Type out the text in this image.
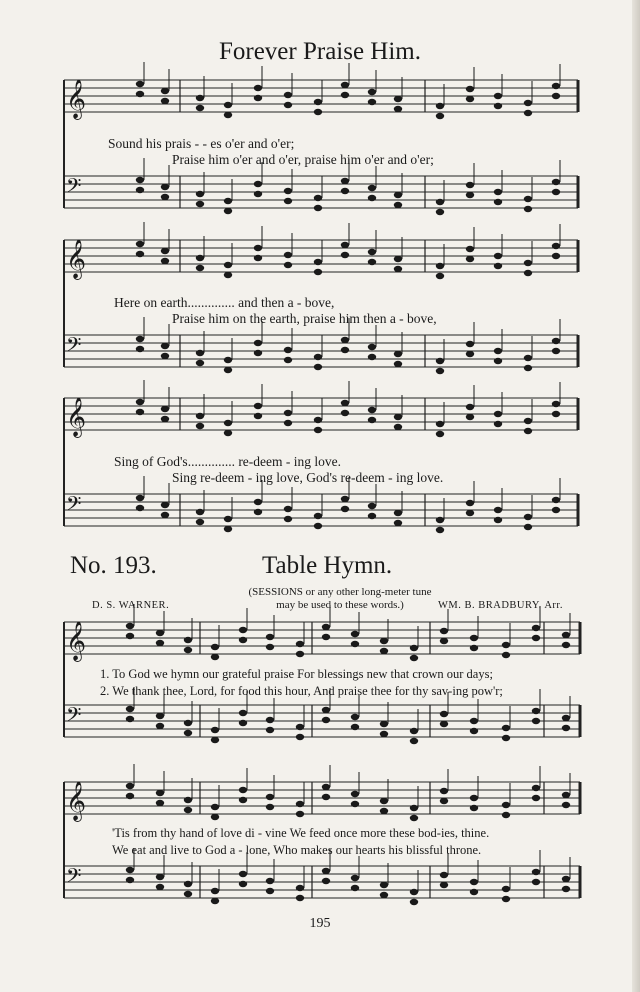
Forever Praise Him.
𝄞
𝄢
𝄞
𝄢
𝄞
𝄢
𝄞
𝄢
𝄞
𝄢
Sound his prais - - es o'er and o'er;
Praise him o'er and o'er, praise him o'er and o'er;
Here on earth.............. and then a - bove,
Praise him on the earth, praise him then a - bove,
Sing of God's.............. re-deem - ing love.
Sing re-deem - ing love, God's re-deem - ing love.
No. 193.	Table Hymn.
(SESSIONS or any other long-meter tune
may be used to these words.)
D. S. WARNER.	WM. B. BRADBURY. Arr.
1. To God we hymn our grateful praise For blessings new that crown our days;
2. We thank thee, Lord, for food this hour, And praise thee for thy sav-ing pow'r;
'Tis from thy hand of love di - vine We feed once more these bod-ies, thine.
We eat and live to God a - lone, Who makes our hearts his blissful throne.
195
